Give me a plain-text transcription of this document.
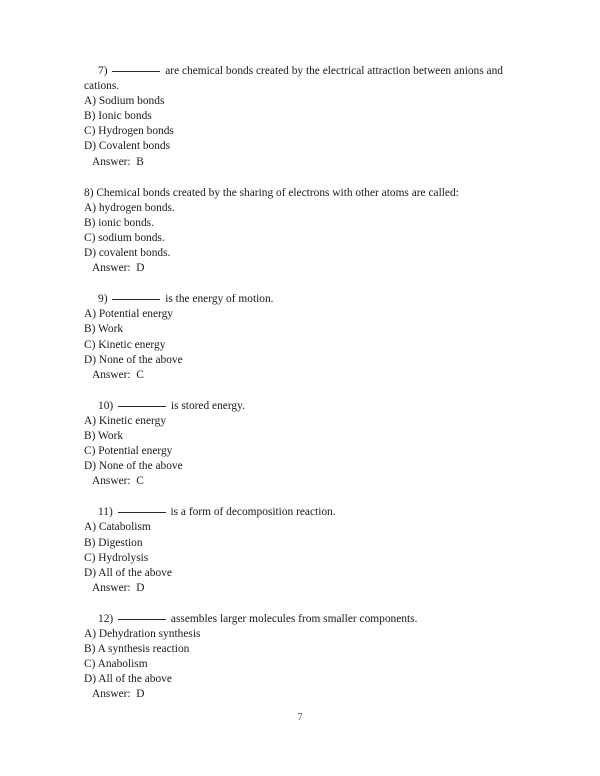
7)	are chemical bonds created by the electrical attraction between anions and cations.

A) Sodium bonds

B) Ionic bonds

C) Hydrogen bonds

D) Covalent bonds

Answer:  B

8) Chemical bonds created by the sharing of electrons with other atoms are called:

A) hydrogen bonds.

B) ionic bonds.

C) sodium bonds.

D) covalent bonds.

Answer:  D

9)	is the energy of motion.

A) Potential energy

B) Work

C) Kinetic energy

D) None of the above

Answer:  C

10)	is stored energy.

A) Kinetic energy

B) Work

C) Potential energy

D) None of the above

Answer:  C

11)	is a form of decomposition reaction.

A) Catabolism

B) Digestion

C) Hydrolysis

D) All of the above

Answer:  D

12)	assembles larger molecules from smaller components.

A) Dehydration synthesis

B) A synthesis reaction

C) Anabolism

D) All of the above

Answer:  D

7
